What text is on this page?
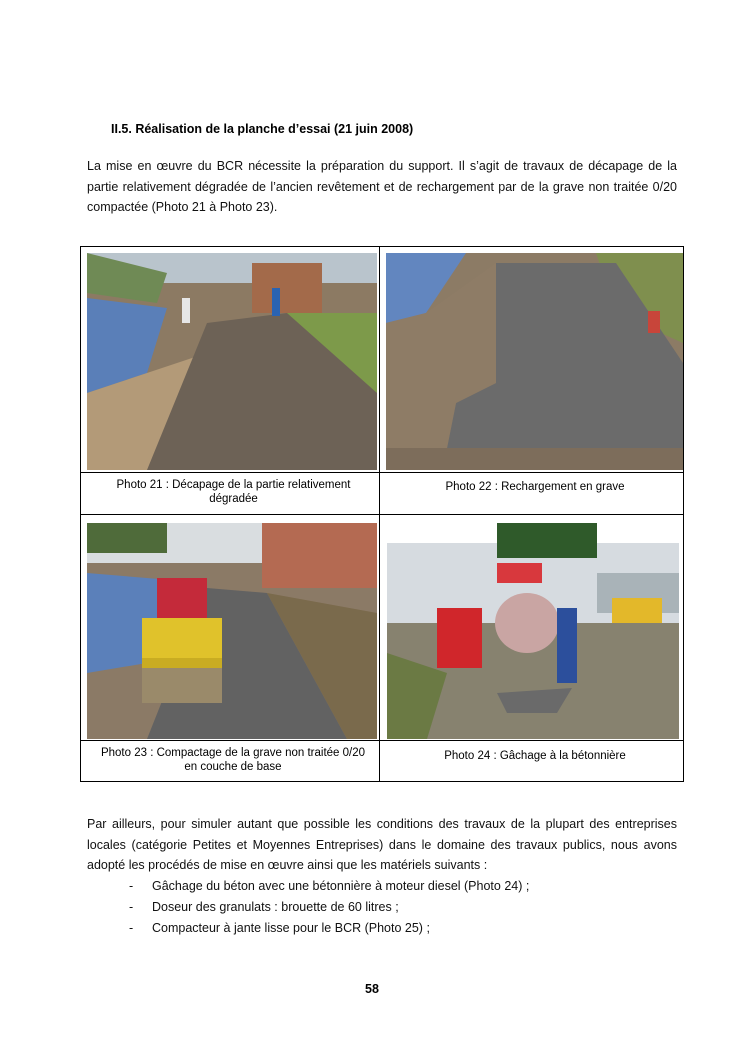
II.5. Réalisation de la planche d’essai (21 juin 2008)
La mise en œuvre du BCR nécessite la préparation du support. Il s’agit de travaux de décapage de la partie relativement dégradée de l’ancien revêtement et de rechargement par de la grave non traitée 0/20 compactée (Photo 21 à Photo 23).
Photo 21 : Décapage de la partie relativement
dégradée
Photo 22 : Rechargement en grave
Photo 23 : Compactage de la grave non traitée 0/20
en couche de base
Photo 24 : Gâchage à la bétonnière
Par ailleurs, pour simuler autant que possible les conditions des travaux de la plupart des entreprises locales (catégorie Petites et Moyennes Entreprises) dans le domaine des travaux publics, nous avons adopté les procédés de mise en œuvre ainsi que les matériels suivants :
- Gâchage du béton avec une bétonnière à moteur diesel (Photo 24) ;
- Doseur des granulats : brouette de 60 litres ;
- Compacteur à jante lisse pour le BCR (Photo 25) ;
58
